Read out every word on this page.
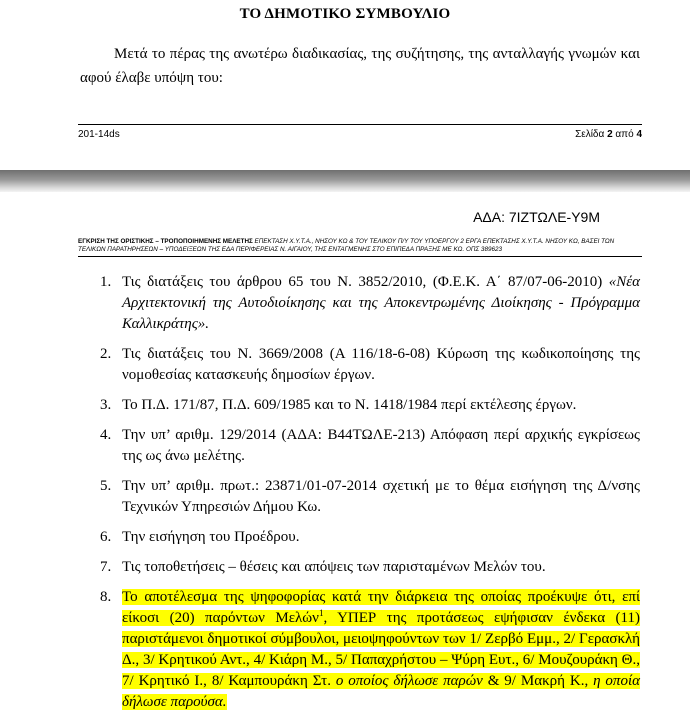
ΤΟ ΔΗΜΟΤΙΚΟ ΣΥΜΒΟΥΛΙΟ
Μετά το πέρας της ανωτέρω διαδικασίας, της συζήτησης, της ανταλλαγής γνωμών και αφού έλαβε υπόψη του:
201-14ds	Σελίδα 2 από 4
ΑΔΑ: 7ΙΖΤΩΛΕ-Υ9Μ
ΕΓΚΡΙΣΗ ΤΗΣ ΟΡΙΣΤΙΚΗΣ – ΤΡΟΠΟΠΟΙΗΜΕΝΗΣ ΜΕΛΕΤΗΣ ΕΠΕΚΤΑΣΗ Χ.Υ.Τ.Α., ΝΗΣΟΥ ΚΩ & ΤΟΥ ΤΕΛΙΚΟΥ Π/Υ ΤΟΥ ΥΠΟΕΡΓΟΥ 2 ΕΡΓΑ ΕΠΕΚΤΑΣΗΣ Χ.Υ.Τ.Α. ΝΗΣΟΥ ΚΩ, ΒΑΣΕΙ ΤΩΝ ΤΕΛΙΚΩΝ ΠΑΡΑΤΗΡΗΣΕΩΝ – ΥΠΟΔΕΙΞΕΩΝ ΤΗΣ ΕΔΑ ΠΕΡΙΦΕΡΕΙΑΣ Ν. ΑΙΓΑΙΟΥ, ΤΗΣ ΕΝΤΑΓΜΕΝΗΣ ΣΤΟ ΕΠΙΠΕΔΑ ΠΡΑΞΗΣ ΜΕ ΚΩ. ΟΠΣ 389623
1. Τις διατάξεις του άρθρου 65 του Ν. 3852/2010, (Φ.Ε.Κ. Α΄ 87/07-06-2010) «Νέα Αρχιτεκτονική της Αυτοδιοίκησης και της Αποκεντρωμένης Διοίκησης - Πρόγραμμα Καλλικράτης».
2. Τις διατάξεις του Ν. 3669/2008 (Α 116/18-6-08) Κύρωση της κωδικοποίησης της νομοθεσίας κατασκευής δημοσίων έργων.
3. Το Π.Δ. 171/87, Π.Δ. 609/1985 και το Ν. 1418/1984 περί εκτέλεσης έργων.
4. Την υπ’ αριθμ. 129/2014 (ΑΔΑ: Β44ΤΩΛΕ-213) Απόφαση περί αρχικής εγκρίσεως της ως άνω μελέτης.
5. Την υπ’ αριθμ. πρωτ.: 23871/01-07-2014 σχετική με το θέμα εισήγηση της Δ/νσης Τεχνικών Υπηρεσιών Δήμου Κω.
6. Την εισήγηση του Προέδρου.
7. Τις τοποθετήσεις – θέσεις και απόψεις των παρισταμένων Μελών του.
8. Το αποτέλεσμα της ψηφοφορίας κατά την διάρκεια της οποίας προέκυψε ότι, επί είκοσι (20) παρόντων Μελών$^1$, ΥΠΕΡ της προτάσεως εψήφισαν ένδεκα (11) παριστάμενοι δημοτικοί σύμβουλοι, μειοψηφούντων των 1/ Ζερβό Εμμ., 2/ Γερασκλή Δ., 3/ Κρητικού Αντ., 4/ Κιάρη Μ., 5/ Παπαχρήστου – Ψύρη Ευτ., 6/ Μουζουράκη Θ., 7/ Κρητικό Ι., 8/ Καμπουράκη Στ. ο οποίος δήλωσε παρών & 9/ Μακρή Κ., η οποία δήλωσε παρούσα.
